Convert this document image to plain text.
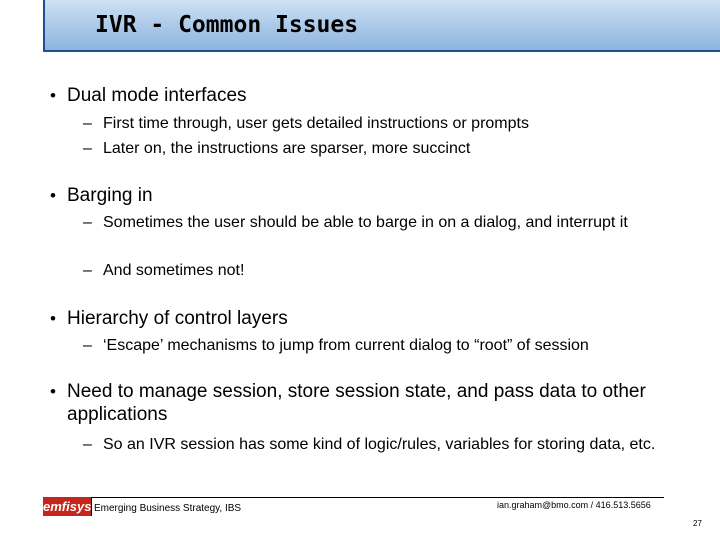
IVR - Common Issues
• Dual mode interfaces
– First time through, user gets detailed instructions or prompts
– Later on, the instructions are sparser, more succinct
• Barging in
– Sometimes the user should be able to barge in on a dialog, and interrupt it
– And sometimes not!
• Hierarchy of control layers
– ‘Escape’ mechanisms to jump from current dialog to “root” of session
• Need to manage session, store session state, and pass data to other applications
– So an IVR session has some kind of logic/rules, variables for storing data, etc.
emfisys Emerging Business Strategy, IBS	ian.graham@bmo.com / 416.513.5656
27
